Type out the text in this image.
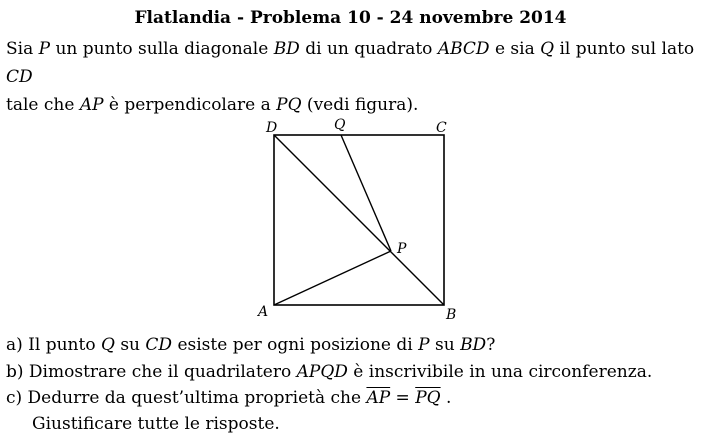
Flatlandia - Problema 10 - 24 novembre 2014
Sia P un punto sulla diagonale BD di un quadrato ABCD e sia Q il punto sul lato CD
tale che AP è perpendicolare a PQ (vedi figura).
D	Q	C
P
A	B
a) Il punto Q su CD esiste per ogni posizione di P su BD?
b) Dimostrare che il quadrilatero APQD è inscrivibile in una circonferenza.
c) Dedurre da quest’ultima proprietà che $\overline{AP} = \overline{PQ}$ .
Giustificare tutte le risposte.
